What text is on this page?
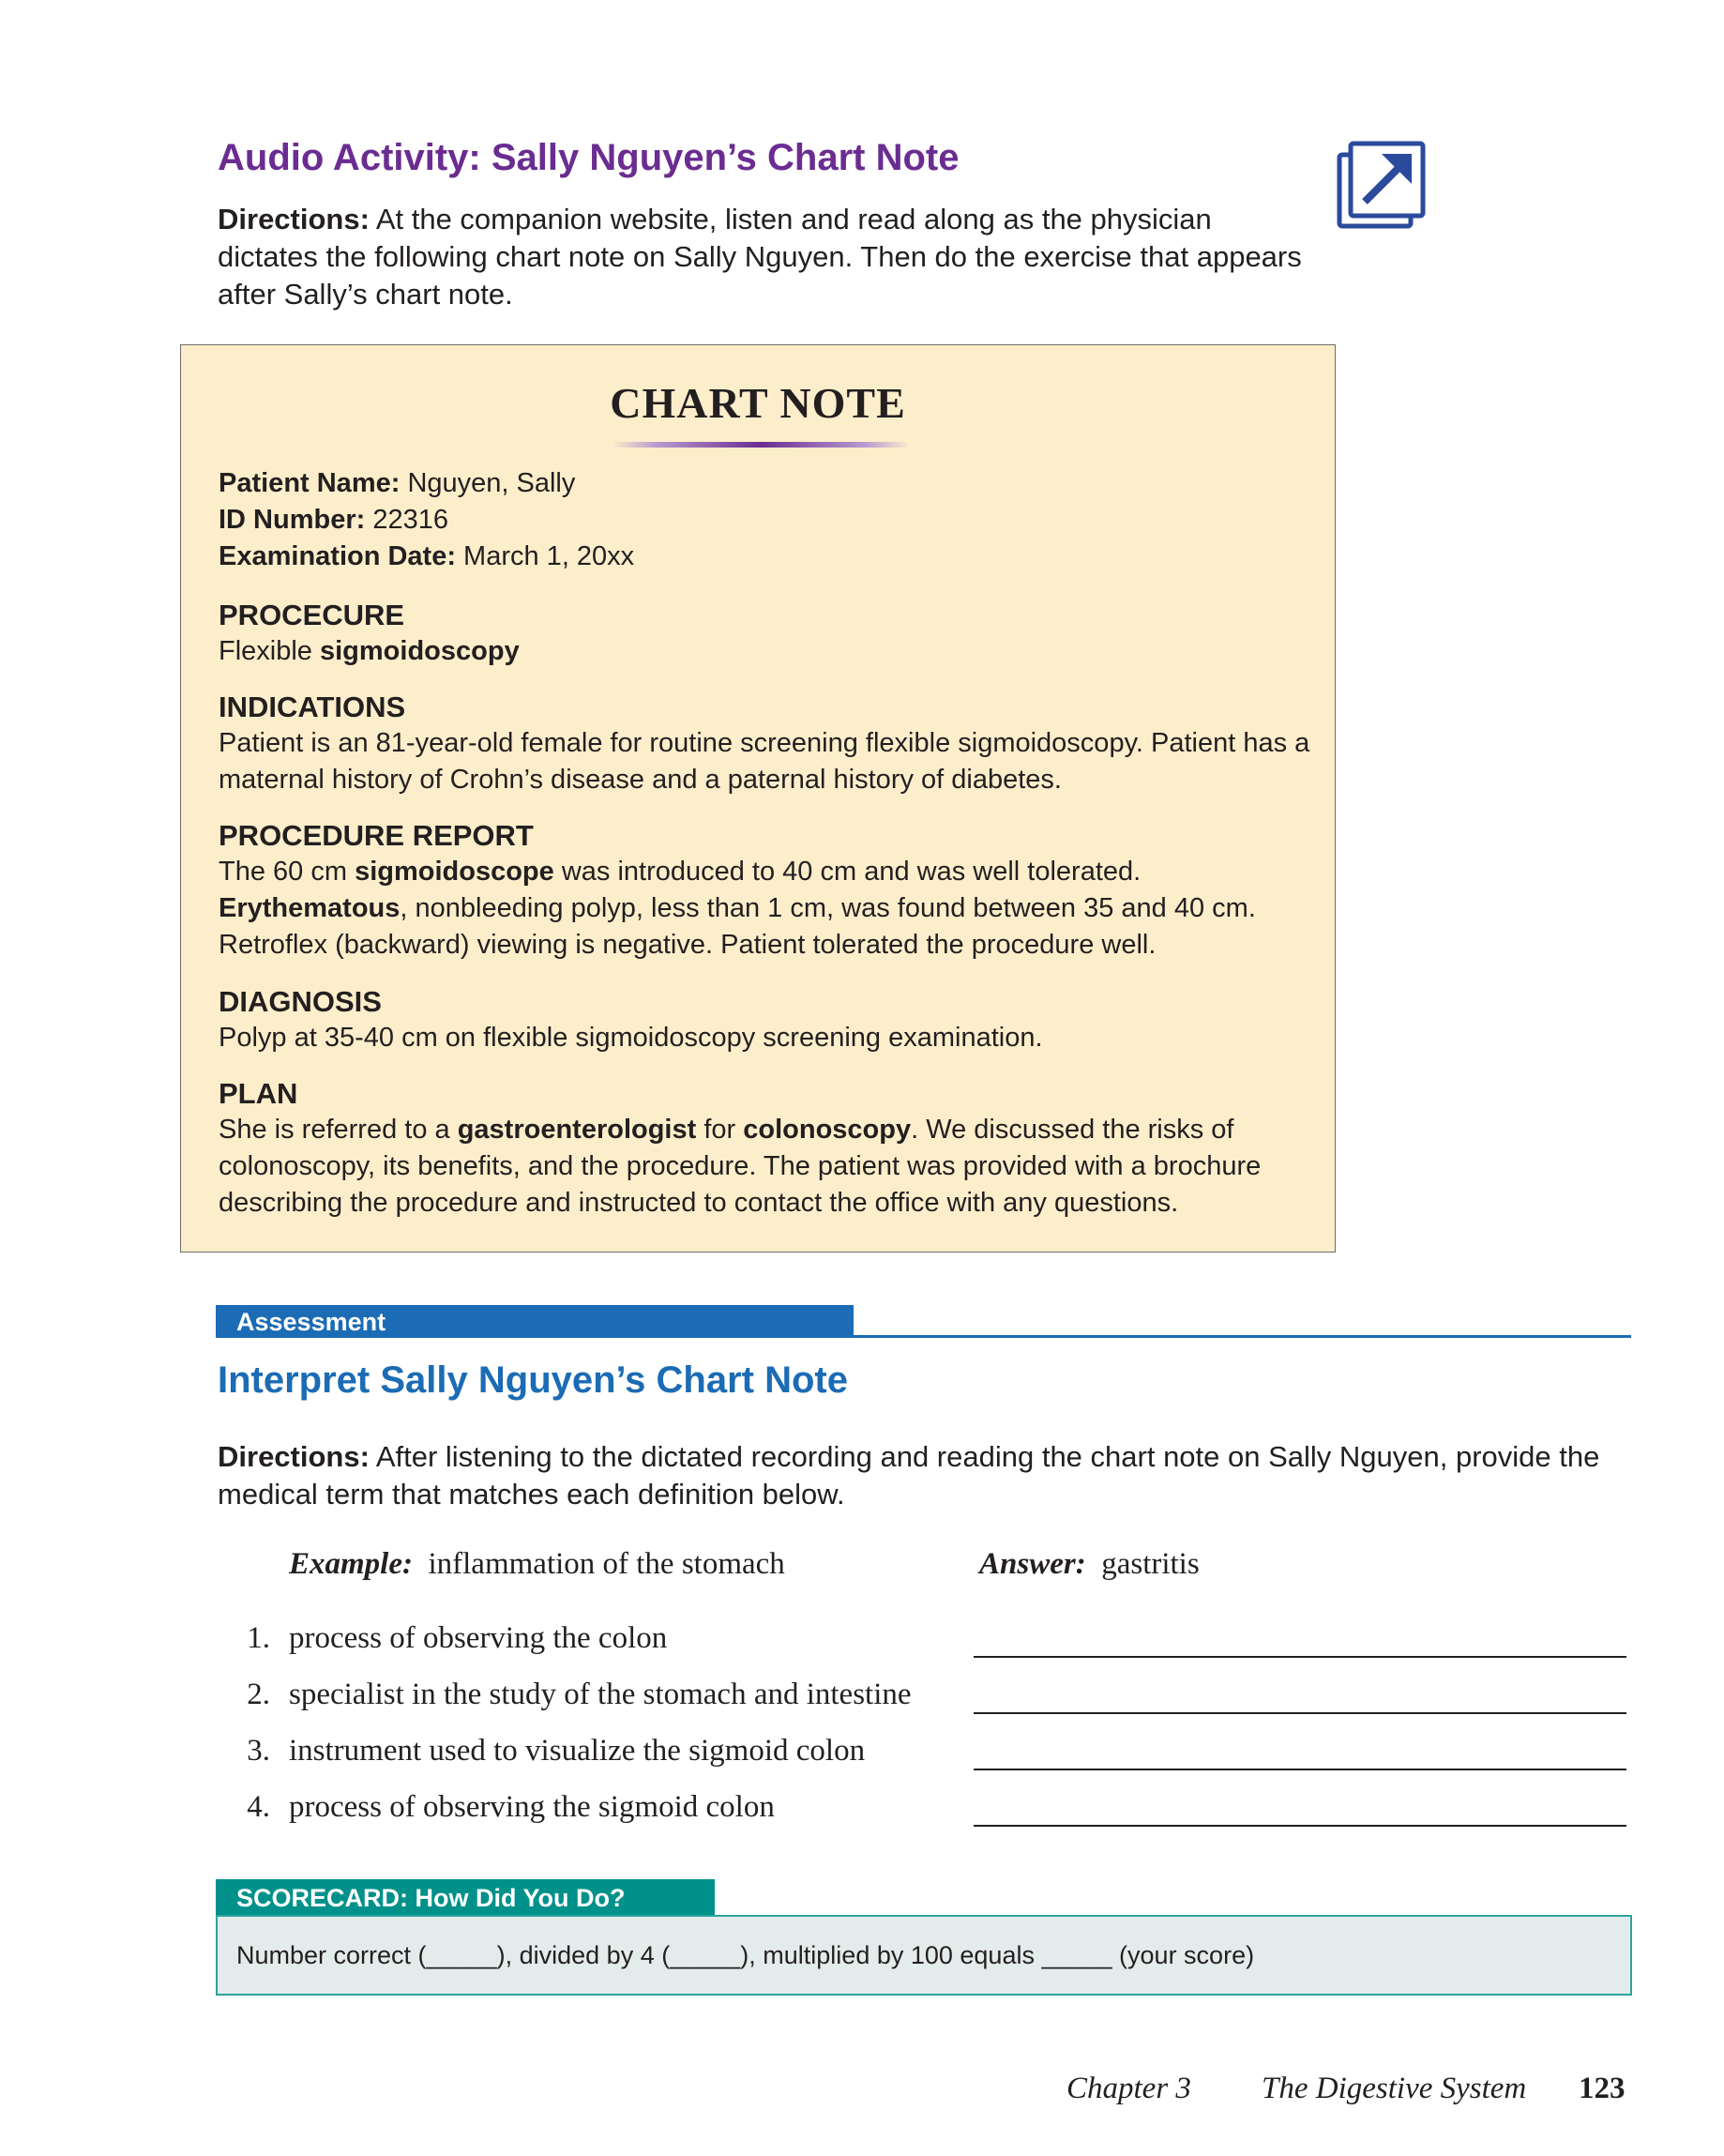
Audio Activity: Sally Nguyen’s Chart Note
Directions: At the companion website, listen and read along as the physician dictates the following chart note on Sally Nguyen. Then do the exercise that appears after Sally’s chart note.
CHART NOTE
Patient Name: Nguyen, Sally
ID Number: 22316
Examination Date: March 1, 20xx
PROCECURE
Flexible sigmoidoscopy
INDICATIONS
Patient is an 81-year-old female for routine screening flexible sigmoidoscopy. Patient has a maternal history of Crohn’s disease and a paternal history of diabetes.
PROCEDURE REPORT
The 60 cm sigmoidoscope was introduced to 40 cm and was well tolerated.
Erythematous, nonbleeding polyp, less than 1 cm, was found between 35 and 40 cm. Retroflex (backward) viewing is negative. Patient tolerated the procedure well.
DIAGNOSIS
Polyp at 35-40 cm on flexible sigmoidoscopy screening examination.
PLAN
She is referred to a gastroenterologist for colonoscopy. We discussed the risks of colonoscopy, its benefits, and the procedure. The patient was provided with a brochure describing the procedure and instructed to contact the office with any questions.
Assessment
Interpret Sally Nguyen’s Chart Note
Directions: After listening to the dictated recording and reading the chart note on Sally Nguyen, provide the medical term that matches each definition below.
Example: inflammation of the stomach	Answer: gastritis
1. process of observing the colon
2. specialist in the study of the stomach and intestine
3. instrument used to visualize the sigmoid colon
4. process of observing the sigmoid colon
SCORECARD: How Did You Do?
Number correct (_____), divided by 4 (_____), multiplied by 100 equals _____ (your score)
Chapter 3 The Digestive System 123
